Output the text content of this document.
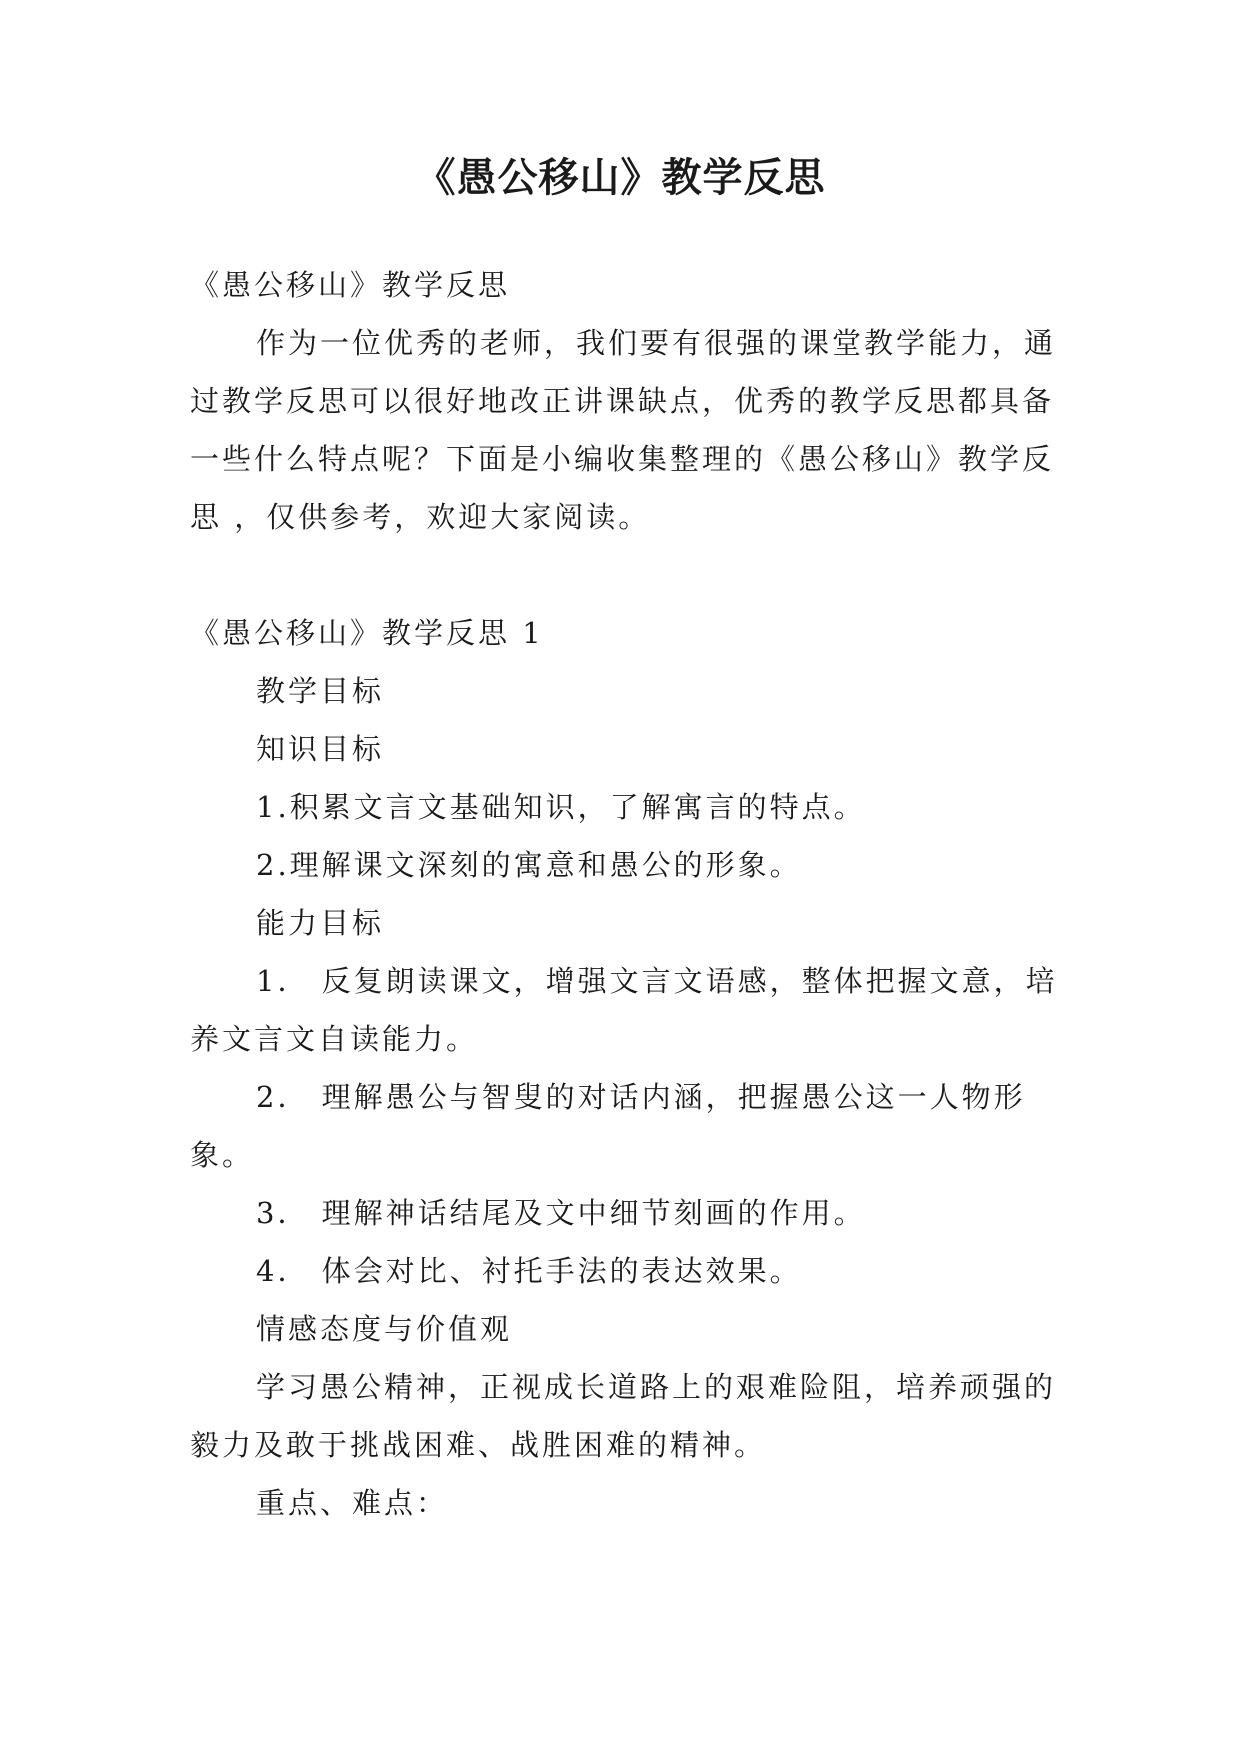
《愚公移山》教学反思

《愚公移山》教学反思

作为一位优秀的老师，我们要有很强的课堂教学能力，通过教学反思可以很好地改正讲课缺点，优秀的教学反思都具备一些什么特点呢？下面是小编收集整理的《愚公移山》教学反思 ，仅供参考，欢迎大家阅读。

《愚公移山》教学反思 1

教学目标

知识目标

1.积累文言文基础知识，了解寓言的特点。

2.理解课文深刻的寓意和愚公的形象。

能力目标

1． 反复朗读课文，增强文言文语感，整体把握文意，培养文言文自读能力。

2． 理解愚公与智叟的对话内涵，把握愚公这一人物形象。

3． 理解神话结尾及文中细节刻画的作用。

4． 体会对比、衬托手法的表达效果。

情感态度与价值观

学习愚公精神，正视成长道路上的艰难险阻，培养顽强的毅力及敢于挑战困难、战胜困难的精神。

重点、难点：
